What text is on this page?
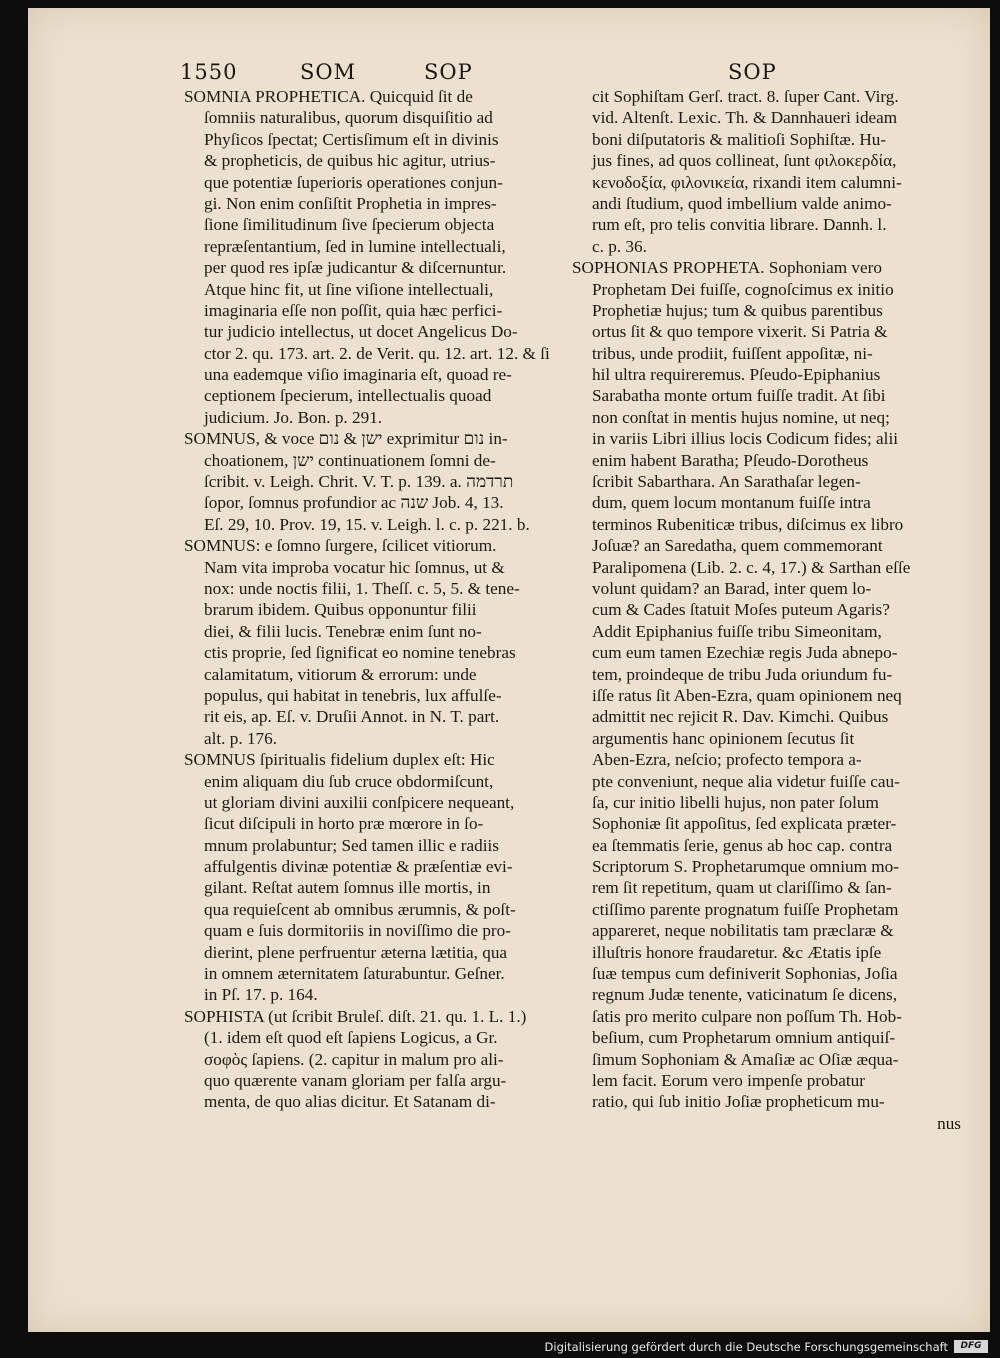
1550	SOM	SOP	SOP
SOMNIA PROPHETICA. Quicquid ſit de
ſomniis naturalibus, quorum disquiſitio ad
Phyſicos ſpectat; Certisſimum eſt in divinis
& propheticis, de quibus hic agitur, utrius-
que potentiæ ſuperioris operationes conjun-
gi. Non enim conſiſtit Prophetia in impres-
ſione ſimilitudinum ſive ſpecierum objecta
repræſentantium, ſed in lumine intellectuali,
per quod res ipſæ judicantur & diſcernuntur.
Atque hinc fit, ut ſine viſione intellectuali,
imaginaria eſſe non poſſit, quia hæc perfici-
tur judicio intellectus, ut docet Angelicus Do-
ctor 2. qu. 173. art. 2. de Verit. qu. 12. art. 12. & ſi
una eademque viſio imaginaria eſt, quoad re-
ceptionem ſpecierum, intellectualis quoad
judicium. Jo. Bon. p. 291.
SOMNUS, & voce ישן & נום exprimitur נום in-
choationem, ישן continuationem ſomni de-
ſcribit. v. Leigh. Chrit. V. T. p. 139. a. תרדמה
ſopor, ſomnus profundior ac שנה Job. 4, 13.
Eſ. 29, 10. Prov. 19, 15. v. Leigh. l. c. p. 221. b.
SOMNUS: e ſomno ſurgere, ſcilicet vitiorum.
Nam vita improba vocatur hic ſomnus, ut &
nox: unde noctis filii, 1. Theſſ. c. 5, 5. & tene-
brarum ibidem. Quibus opponuntur filii
diei, & filii lucis. Tenebræ enim ſunt no-
ctis proprie, ſed ſignificat eo nomine tenebras
calamitatum, vitiorum & errorum: unde
populus, qui habitat in tenebris, lux affulſe-
rit eis, ap. Eſ. v. Druſii Annot. in N. T. part.
alt. p. 176.
SOMNUS ſpiritualis fidelium duplex eſt: Hic
enim aliquam diu ſub cruce obdormiſcunt,
ut gloriam divini auxilii conſpicere nequeant,
ſicut diſcipuli in horto præ mœrore in ſo-
mnum prolabuntur; Sed tamen illic e radiis
affulgentis divinæ potentiæ & præſentiæ evi-
gilant. Reſtat autem ſomnus ille mortis, in
qua requieſcent ab omnibus ærumnis, & poſt-
quam e ſuis dormitoriis in noviſſimo die pro-
dierint, plene perfruentur æterna lætitia, qua
in omnem æternitatem ſaturabuntur. Geſner.
in Pſ. 17. p. 164.
SOPHISTA (ut ſcribit Bruleſ. diſt. 21. qu. 1. L. 1.)
(1. idem eſt quod eſt ſapiens Logicus, a Gr.
σοφὸς ſapiens. (2. capitur in malum pro ali-
quo quærente vanam gloriam per falſa argu-
menta, de quo alias dicitur. Et Satanam di-
cit Sophiſtam Gerſ. tract. 8. ſuper Cant. Virg.
vid. Altenſt. Lexic. Th. & Dannhaueri ideam
boni diſputatoris & malitioſi Sophiſtæ. Hu-
jus fines, ad quos collineat, ſunt φιλοκερδία,
κενοδοξία, φιλονικεία, rixandi item calumni-
andi ſtudium, quod imbellium valde animo-
rum eſt, pro telis convitia librare. Dannh. l.
c. p. 36.
SOPHONIAS PROPHETA. Sophoniam vero
Prophetam Dei fuiſſe, cognoſcimus ex initio
Prophetiæ hujus; tum & quibus parentibus
ortus ſit & quo tempore vixerit. Si Patria &
tribus, unde prodiit, fuiſſent appoſitæ, ni-
hil ultra requireremus. Pſeudo-Epiphanius
Sarabatha monte ortum fuiſſe tradit. At ſibi
non conſtat in mentis hujus nomine, ut neq;
in variis Libri illius locis Codicum fides; alii
enim habent Baratha; Pſeudo-Dorotheus
ſcribit Sabarthara. An Sarathaſar legen-
dum, quem locum montanum fuiſſe intra
terminos Rubeniticæ tribus, diſcimus ex libro
Joſuæ? an Saredatha, quem commemorant
Paralipomena (Lib. 2. c. 4, 17.) & Sarthan eſſe
volunt quidam? an Barad, inter quem lo-
cum & Cades ſtatuit Moſes puteum Agaris?
Addit Epiphanius fuiſſe tribu Simeonitam,
cum eum tamen Ezechiæ regis Juda abnepo-
tem, proindeque de tribu Juda oriundum fu-
iſſe ratus ſit Aben-Ezra, quam opinionem neq
admittit nec rejicit R. Dav. Kimchi. Quibus
argumentis hanc opinionem ſecutus ſit
Aben-Ezra, neſcio; profecto tempora a-
pte conveniunt, neque alia videtur fuiſſe cau-
ſa, cur initio libelli hujus, non pater ſolum
Sophoniæ ſit appoſitus, ſed explicata præter-
ea ſtemmatis ſerie, genus ab hoc cap. contra
Scriptorum S. Prophetarumque omnium mo-
rem ſit repetitum, quam ut clariſſimo & ſan-
ctiſſimo parente prognatum fuiſſe Prophetam
appareret, neque nobilitatis tam præclaræ &
illuſtris honore fraudaretur. &c Ætatis ipſe
ſuæ tempus cum definiverit Sophonias, Joſia
regnum Judæ tenente, vaticinatum ſe dicens,
ſatis pro merito culpare non poſſum Th. Hob-
beſium, cum Prophetarum omnium antiquiſ-
ſimum Sophoniam & Amaſiæ ac Oſiæ æqua-
lem facit. Eorum vero impenſe probatur
ratio, qui ſub initio Joſiæ propheticum mu-
nus
Digitalisierung gefördert durch die Deutsche Forschungsgemeinschaft	DFG
